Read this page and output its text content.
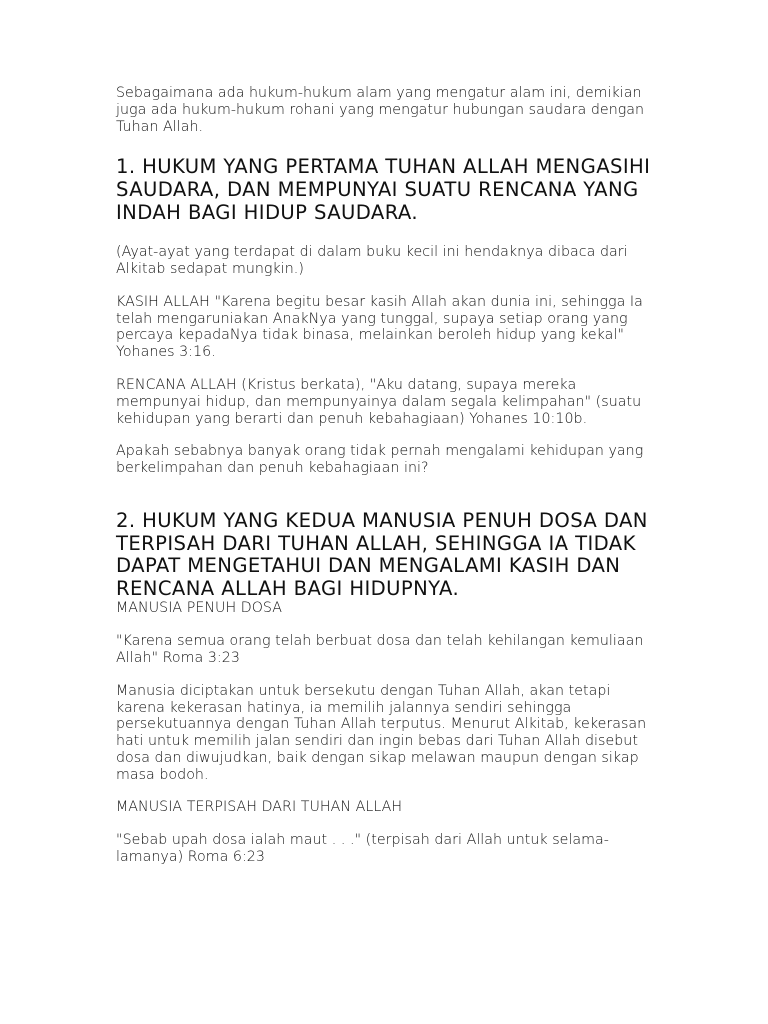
Sebagaimana ada hukum-hukum alam yang mengatur alam ini, demikian juga ada hukum-hukum rohani yang mengatur hubungan saudara dengan Tuhan Allah.

1. HUKUM YANG PERTAMA TUHAN ALLAH MENGASIHI SAUDARA, DAN MEMPUNYAI SUATU RENCANA YANG INDAH BAGI HIDUP SAUDARA.

(Ayat-ayat yang terdapat di dalam buku kecil ini hendaknya dibaca dari Alkitab sedapat mungkin.)

KASIH ALLAH "Karena begitu besar kasih Allah akan dunia ini, sehingga Ia telah mengaruniakan AnakNya yang tunggal, supaya setiap orang yang percaya kepadaNya tidak binasa, melainkan beroleh hidup yang kekal" Yohanes 3:16.

RENCANA ALLAH (Kristus berkata), "Aku datang, supaya mereka mempunyai hidup, dan mempunyainya dalam segala kelimpahan" (suatu kehidupan yang berarti dan penuh kebahagiaan) Yohanes 10:10b.

Apakah sebabnya banyak orang tidak pernah mengalami kehidupan yang berkelimpahan dan penuh kebahagiaan ini?

2. HUKUM YANG KEDUA MANUSIA PENUH DOSA DAN TERPISAH DARI TUHAN ALLAH, SEHINGGA IA TIDAK DAPAT MENGETAHUI DAN MENGALAMI KASIH DAN RENCANA ALLAH BAGI HIDUPNYA.

MANUSIA PENUH DOSA

"Karena semua orang telah berbuat dosa dan telah kehilangan kemuliaan Allah" Roma 3:23

Manusia diciptakan untuk bersekutu dengan Tuhan Allah, akan tetapi karena kekerasan hatinya, ia memilih jalannya sendiri sehingga persekutuannya dengan Tuhan Allah terputus. Menurut Alkitab, kekerasan hati untuk memilih jalan sendiri dan ingin bebas dari Tuhan Allah disebut dosa dan diwujudkan, baik dengan sikap melawan maupun dengan sikap masa bodoh.

MANUSIA TERPISAH DARI TUHAN ALLAH

"Sebab upah dosa ialah maut . . ." (terpisah dari Allah untuk selama-lamanya) Roma 6:23
